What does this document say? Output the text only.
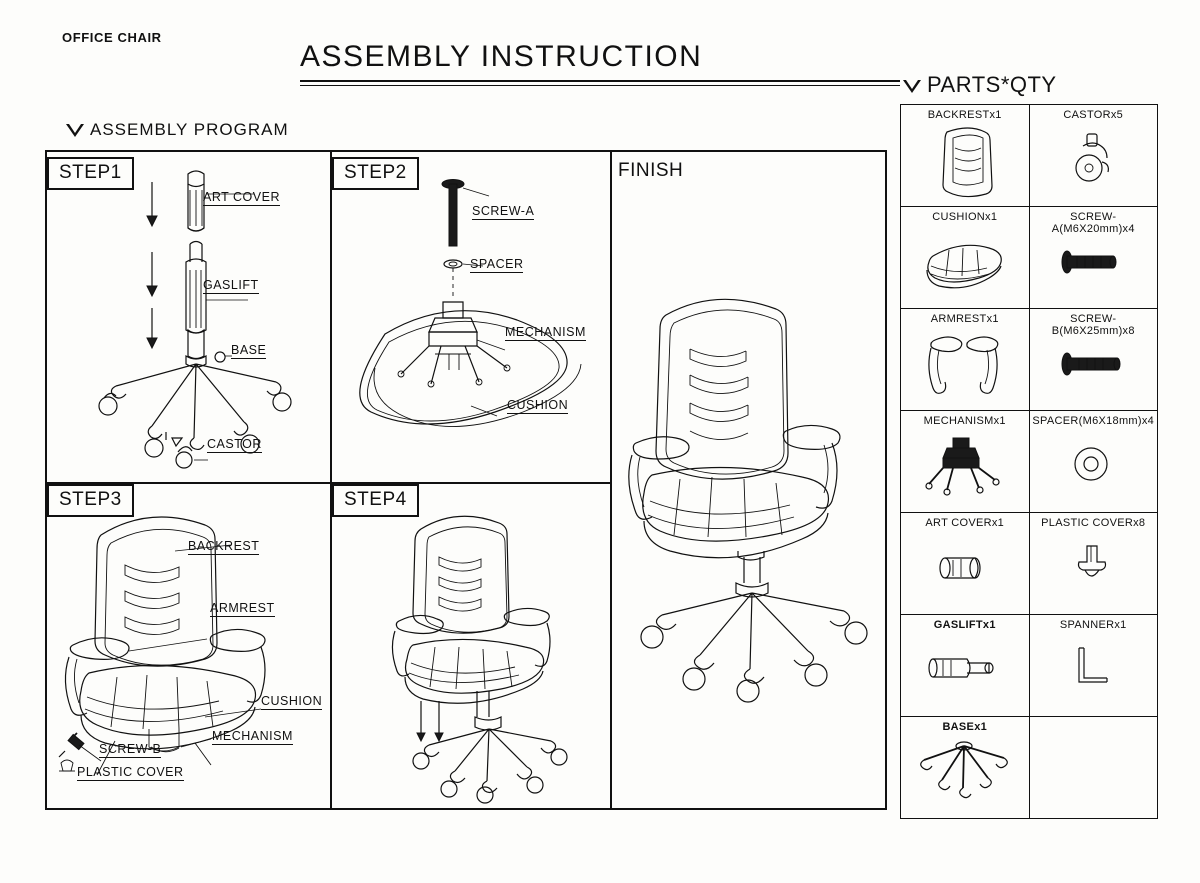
OFFICE CHAIR
ASSEMBLY INSTRUCTION
ASSEMBLY PROGRAM
STEP1	STEP2	FINISH
STEP3	STEP4
ART COVER
GASLIFT
BASE
CASTOR
SCREW-A
SPACER
MECHANISM
CUSHION
BACKREST
ARMREST
CUSHION
MECHANISM
SCREW-B
PLASTIC COVER
PARTS*QTY
BACKRESTx1	CASTORx5

CUSHIONx1	SCREW-A(M6X20mm)x4

ARMRESTx1	SCREW-B(M6X25mm)x8

MECHANISMx1	SPACER(M6X18mm)x4

ART COVERx1	PLASTIC COVERx8

GASLIFTx1	SPANNERx1

BASEx1	
